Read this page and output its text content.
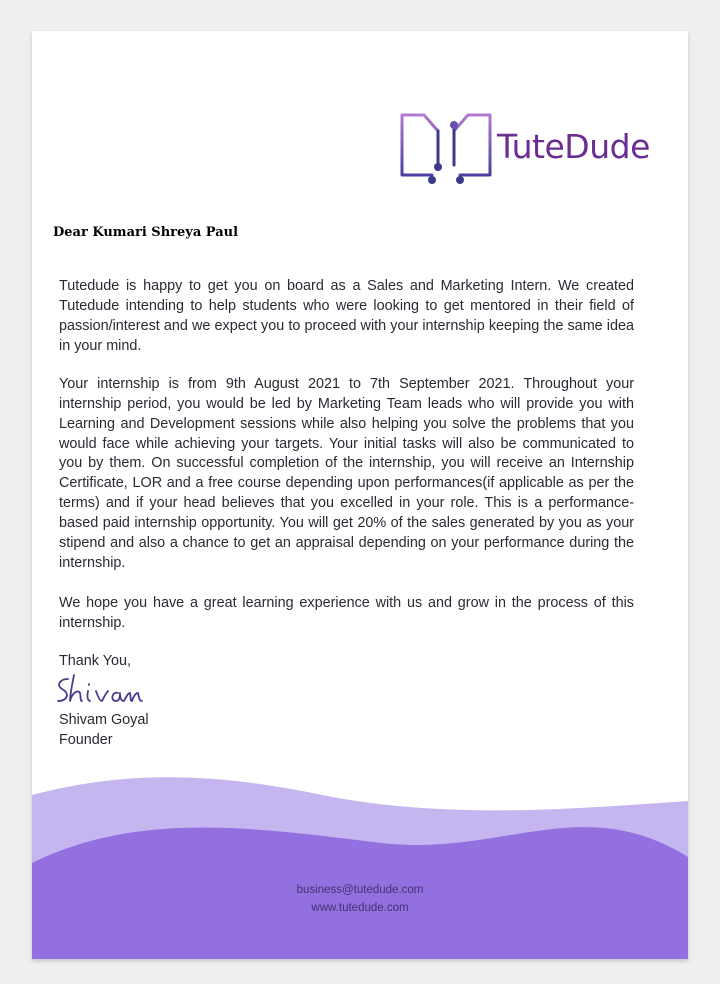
TuteDude
Dear Kumari Shreya Paul

Tutedude is happy to get you on board as a Sales and Marketing Intern. We created Tutedude intending to help students who were looking to get mentored in their field of passion/interest and we expect you to proceed with your internship keeping the same idea in your mind.

Your internship is from 9th August 2021 to 7th September 2021. Throughout your internship period, you would be led by Marketing Team leads who will provide you with Learning and Development sessions while also helping you solve the problems that you would face while achieving your targets. Your initial tasks will also be communicated to you by them. On successful completion of the internship, you will receive an Internship Certificate, LOR and a free course depending upon performances(if applicable as per the terms) and if your head believes that you excelled in your role. This is a performance-based paid internship opportunity. You will get 20% of the sales generated by you as your stipend and also a chance to get an appraisal depending on your performance during the internship.

We hope you have a great learning experience with us and grow in the process of this internship.

Thank You,
Shivam Goyal
Founder
business@tutedude.com
www.tutedude.com
